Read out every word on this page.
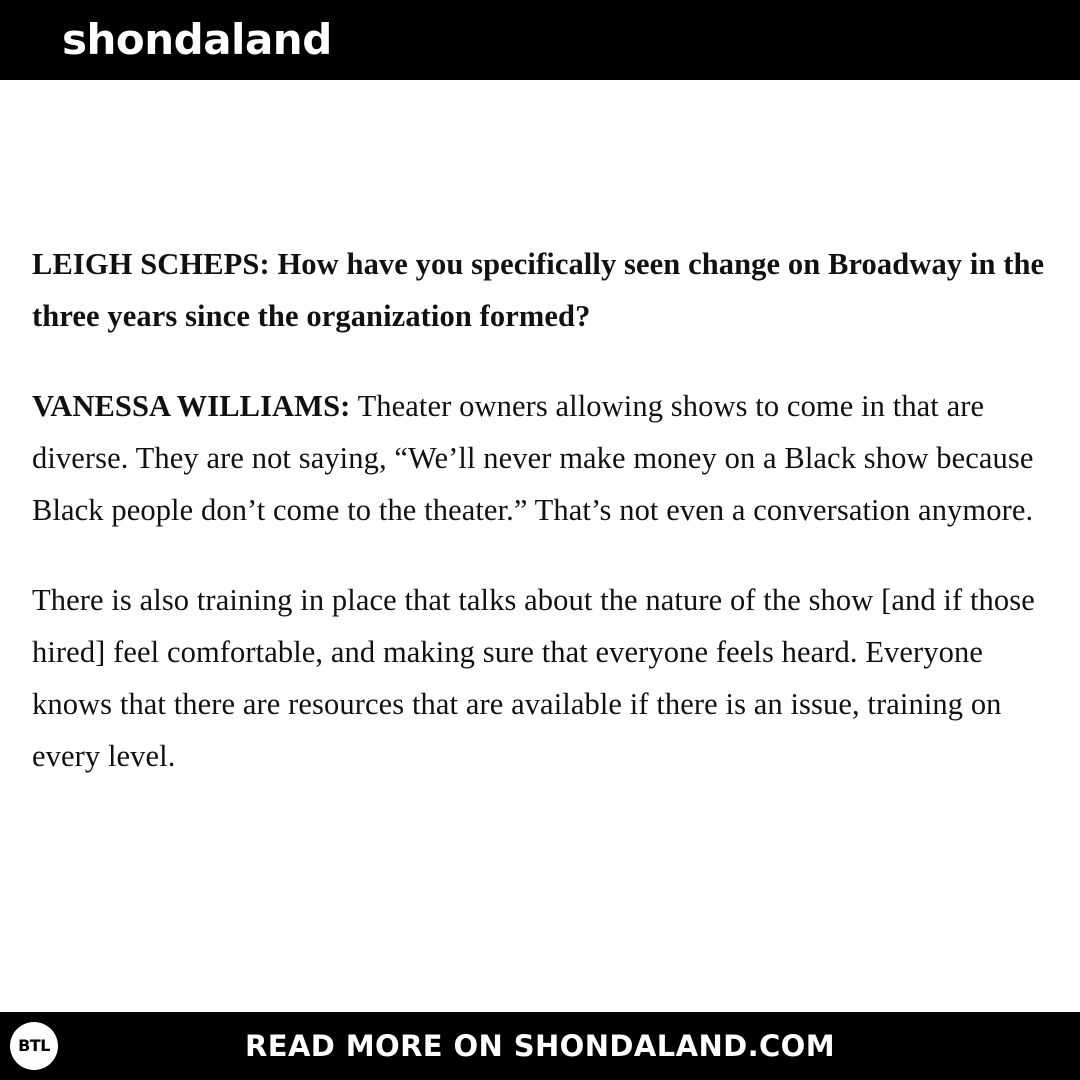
shondaland

LEIGH SCHEPS: How have you specifically seen change on Broadway in the three years since the organization formed?

VANESSA WILLIAMS: Theater owners allowing shows to come in that are diverse. They are not saying, “We’ll never make money on a Black show because Black people don’t come to the theater.” That’s not even a conversation anymore.

There is also training in place that talks about the nature of the show [and if those hired] feel comfortable, and making sure that everyone feels heard. Everyone knows that there are resources that are available if there is an issue, training on every level.

BTL	READ MORE ON SHONDALAND.COM
